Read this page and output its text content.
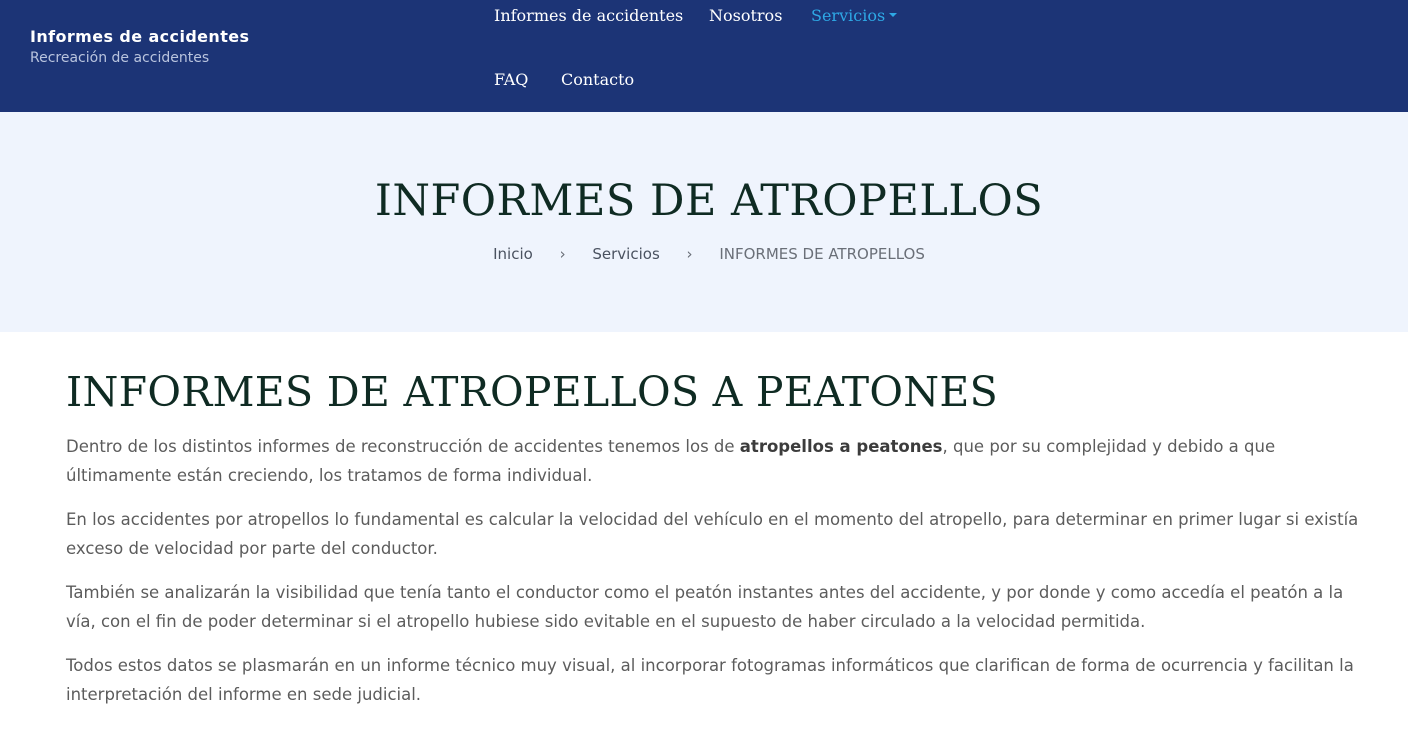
Informes de accidentes
Recreación de accidentes
Informes de accidentes Nosotros Servicios
FAQ Contacto
INFORMES DE ATROPELLOS
Inicio › Servicios › INFORMES DE ATROPELLOS
INFORMES DE ATROPELLOS A PEATONES

Dentro de los distintos informes de reconstrucción de accidentes tenemos los de atropellos a peatones, que por su complejidad y debido a que últimamente están creciendo, los tratamos de forma individual.

En los accidentes por atropellos lo fundamental es calcular la velocidad del vehículo en el momento del atropello, para determinar en primer lugar si existía exceso de velocidad por parte del conductor.

También se analizarán la visibilidad que tenía tanto el conductor como el peatón instantes antes del accidente, y por donde y como accedía el peatón a la vía, con el fin de poder determinar si el atropello hubiese sido evitable en el supuesto de haber circulado a la velocidad permitida.

Todos estos datos se plasmarán en un informe técnico muy visual, al incorporar fotogramas informáticos que clarifican de forma de ocurrencia y facilitan la interpretación del informe en sede judicial.
